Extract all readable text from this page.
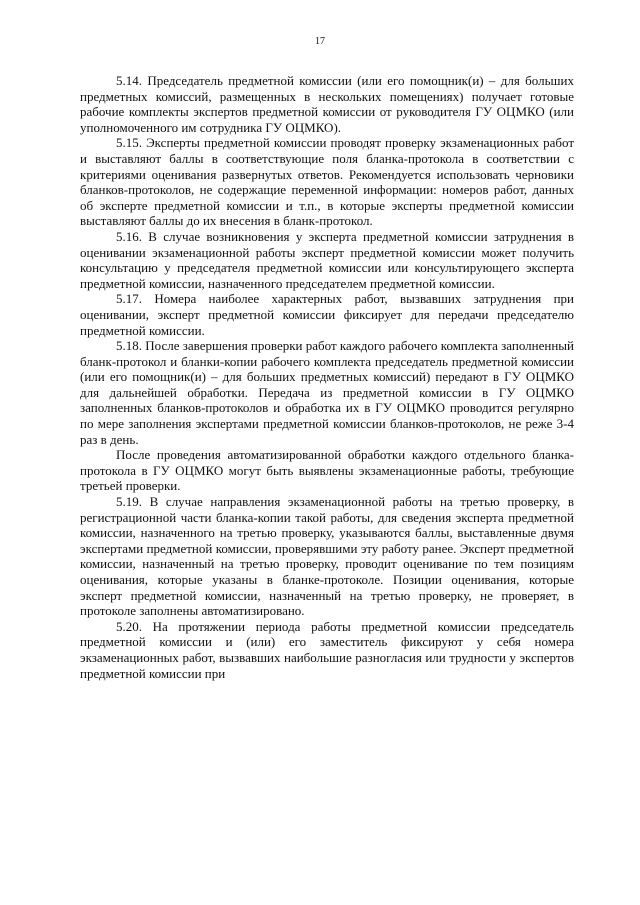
17

5.14. Председатель предметной комиссии (или его помощник(и) – для больших предметных комиссий, размещенных в нескольких помещениях) получает готовые рабочие комплекты экспертов предметной комиссии от руководителя ГУ ОЦМКО (или уполномоченного им сотрудника ГУ ОЦМКО).

5.15. Эксперты предметной комиссии проводят проверку экзаменационных работ и выставляют баллы в соответствующие поля бланка-протокола в соответствии с критериями оценивания развернутых ответов. Рекомендуется использовать черновики бланков-протоколов, не содержащие переменной информации: номеров работ, данных об эксперте предметной комиссии и т.п., в которые эксперты предметной комиссии выставляют баллы до их внесения в бланк-протокол.

5.16. В случае возникновения у эксперта предметной комиссии затруднения в оценивании экзаменационной работы эксперт предметной комиссии может получить консультацию у председателя предметной комиссии или консультирующего эксперта предметной комиссии, назначенного председателем предметной комиссии.

5.17. Номера наиболее характерных работ, вызвавших затруднения при оценивании, эксперт предметной комиссии фиксирует для передачи председателю предметной комиссии.

5.18. После завершения проверки работ каждого рабочего комплекта заполненный бланк-протокол и бланки-копии рабочего комплекта председатель предметной комиссии (или его помощник(и) – для больших предметных комиссий) передают в ГУ ОЦМКО для дальнейшей обработки. Передача из предметной комиссии в ГУ ОЦМКО заполненных бланков-протоколов и обработка их в ГУ ОЦМКО проводится регулярно по мере заполнения экспертами предметной комиссии бланков-протоколов, не реже 3-4 раз в день.

После проведения автоматизированной обработки каждого отдельного бланка-протокола в ГУ ОЦМКО могут быть выявлены экзаменационные работы, требующие третьей проверки.

5.19. В случае направления экзаменационной работы на третью проверку, в регистрационной части бланка-копии такой работы, для сведения эксперта предметной комиссии, назначенного на третью проверку, указываются баллы, выставленные двумя экспертами предметной комиссии, проверявшими эту работу ранее. Эксперт предметной комиссии, назначенный на третью проверку, проводит оценивание по тем позициям оценивания, которые указаны в бланке-протоколе. Позиции оценивания, которые эксперт предметной комиссии, назначенный на третью проверку, не проверяет, в протоколе заполнены автоматизировано.

5.20. На протяжении периода работы предметной комиссии председатель предметной комиссии и (или) его заместитель фиксируют у себя номера экзаменационных работ, вызвавших наибольшие разногласия или трудности у экспертов предметной комиссии при
